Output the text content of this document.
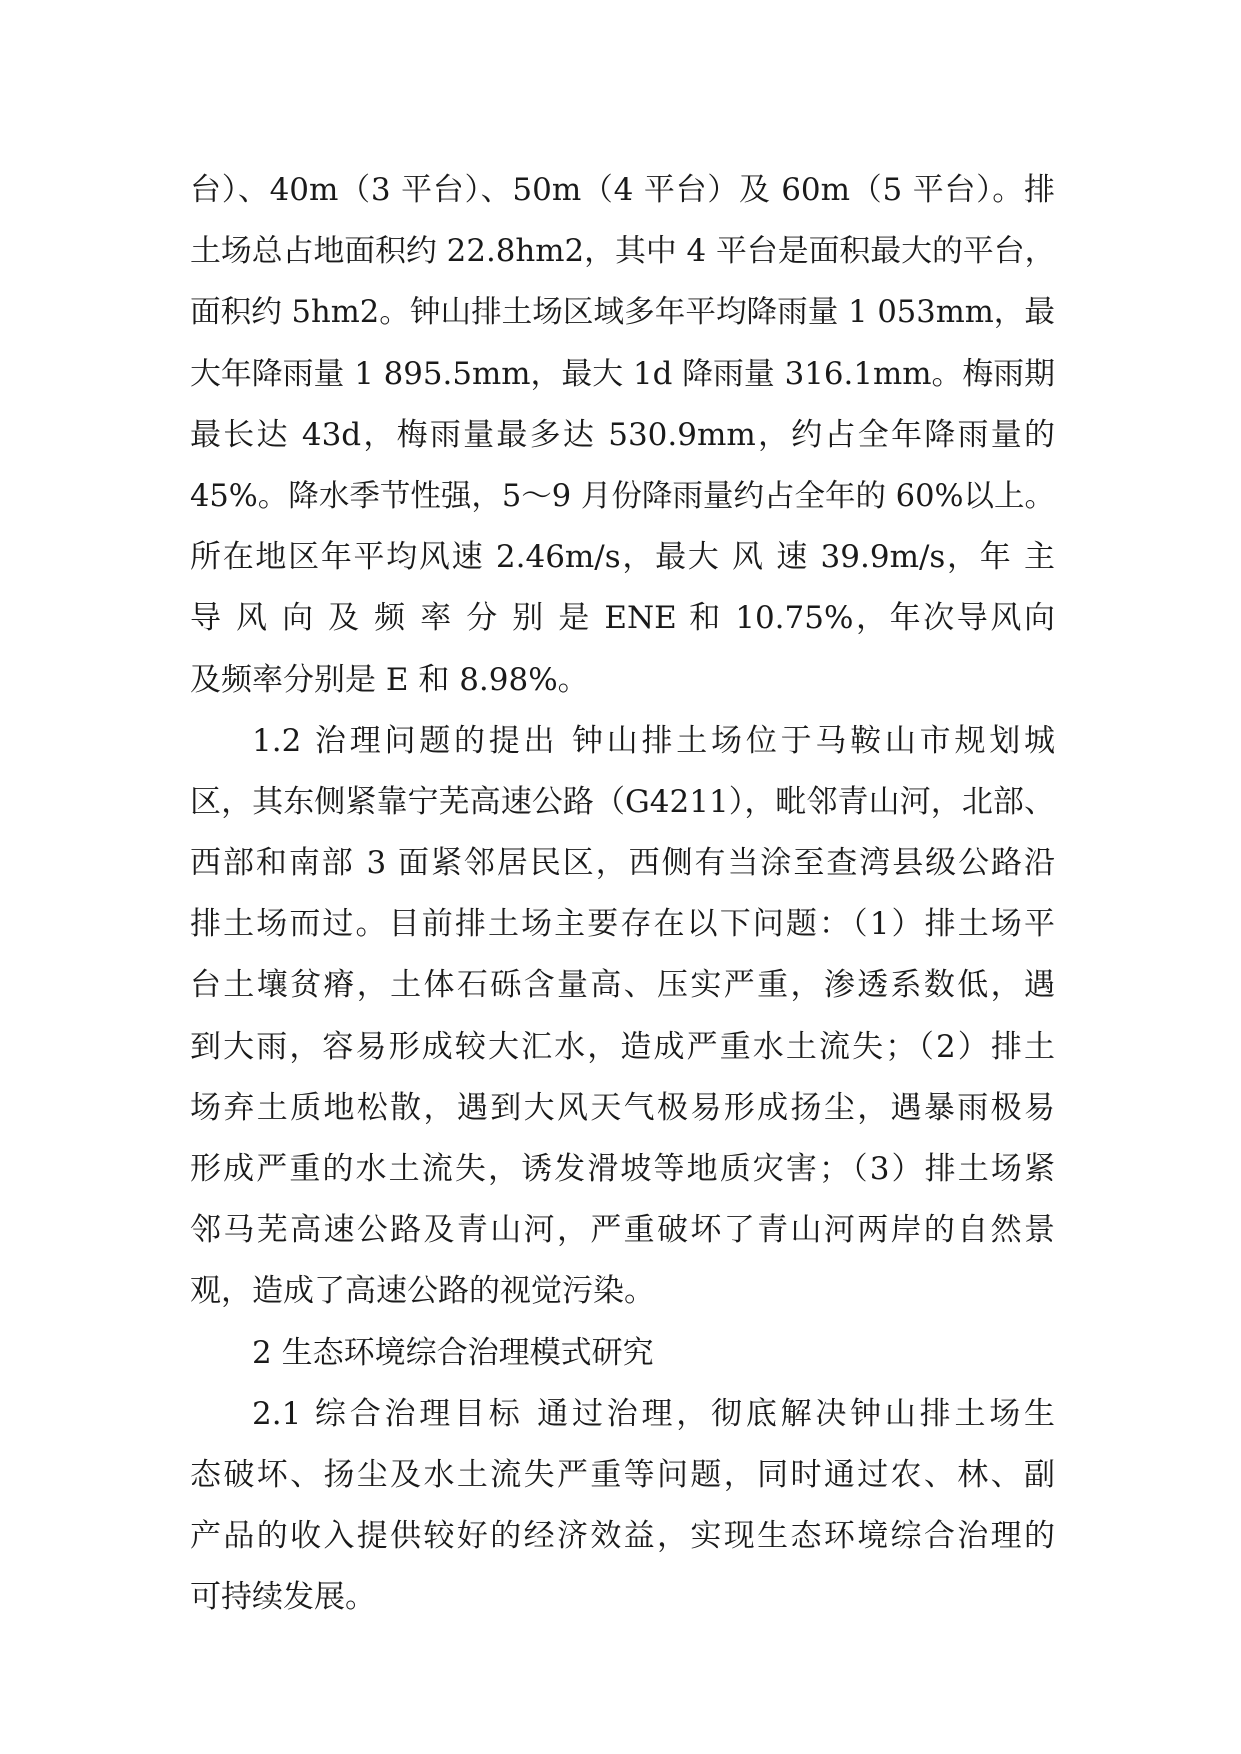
台）、40m（3 平台）、50m（4 平台）及 60m（5 平台）。排
土场总占地面积约 22.8hm2，其中 4 平台是面积最大的平台，
面积约 5hm2。钟山排土场区域多年平均降雨量 1 053mm，最
大年降雨量 1 895.5mm，最大 1d 降雨量 316.1mm。梅雨期
最长达 43d，梅雨量最多达 530.9mm，约占全年降雨量的
45%。降水季节性强，5～9 月份降雨量约占全年的 60%以上。
所在地区年平均风速 2.46m/s，最大 风 速 39.9m/s，年 主
导 风 向 及 频 率 分 别 是 ENE 和 10.75%，年次导风向
及频率分别是 E 和 8.98%。
1.2 治理问题的提出 钟山排土场位于马鞍山市规划城
区，其东侧紧靠宁芜高速公路（G4211），毗邻青山河，北部、
西部和南部 3 面紧邻居民区，西侧有当涂至查湾县级公路沿
排土场而过。目前排土场主要存在以下问题：（1）排土场平
台土壤贫瘠，土体石砾含量高、压实严重，渗透系数低，遇
到大雨，容易形成较大汇水，造成严重水土流失；（2）排土
场弃土质地松散，遇到大风天气极易形成扬尘，遇暴雨极易
形成严重的水土流失，诱发滑坡等地质灾害；（3）排土场紧
邻马芜高速公路及青山河，严重破坏了青山河两岸的自然景
观，造成了高速公路的视觉污染。
2 生态环境综合治理模式研究
2.1 综合治理目标 通过治理，彻底解决钟山排土场生
态破坏、扬尘及水土流失严重等问题，同时通过农、林、副
产品的收入提供较好的经济效益，实现生态环境综合治理的
可持续发展。
